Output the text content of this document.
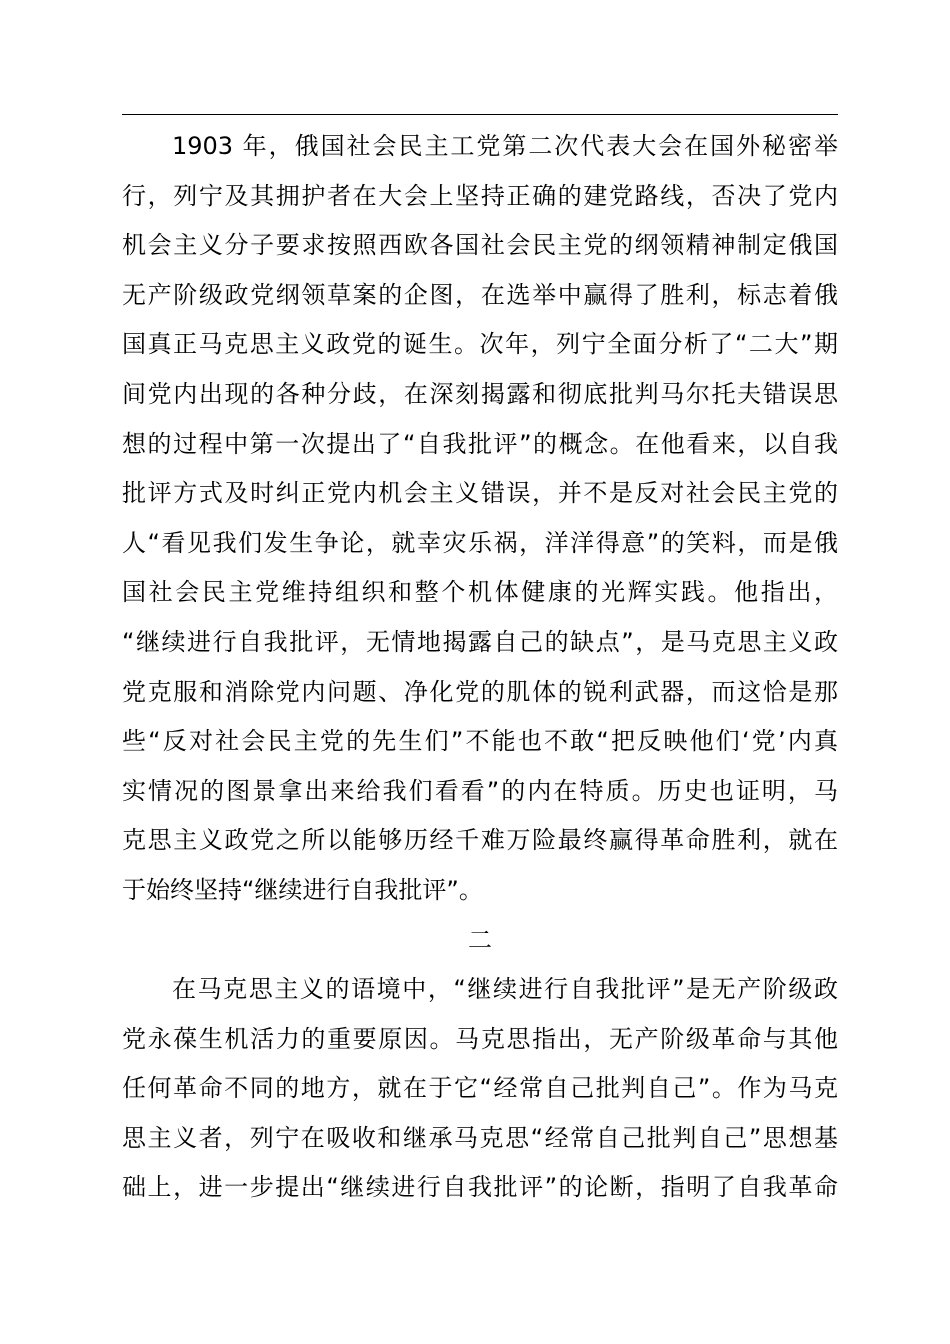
1903 年，俄国社会民主工党第二次代表大会在国外秘密举
行，列宁及其拥护者在大会上坚持正确的建党路线，否决了党内
机会主义分子要求按照西欧各国社会民主党的纲领精神制定俄国
无产阶级政党纲领草案的企图，在选举中赢得了胜利，标志着俄
国真正马克思主义政党的诞生。次年，列宁全面分析了“二大”期
间党内出现的各种分歧，在深刻揭露和彻底批判马尔托夫错误思
想的过程中第一次提出了“自我批评”的概念。在他看来，以自我
批评方式及时纠正党内机会主义错误，并不是反对社会民主党的
人“看见我们发生争论，就幸灾乐祸，洋洋得意”的笑料，而是俄
国社会民主党维持组织和整个机体健康的光辉实践。他指出，
“继续进行自我批评，无情地揭露自己的缺点”，是马克思主义政
党克服和消除党内问题、净化党的肌体的锐利武器，而这恰是那
些“反对社会民主党的先生们”不能也不敢“把反映他们‘党’内真
实情况的图景拿出来给我们看看”的内在特质。历史也证明，马
克思主义政党之所以能够历经千难万险最终赢得革命胜利，就在
于始终坚持“继续进行自我批评”。
二
在马克思主义的语境中，“继续进行自我批评”是无产阶级政
党永葆生机活力的重要原因。马克思指出，无产阶级革命与其他
任何革命不同的地方，就在于它“经常自己批判自己”。作为马克
思主义者，列宁在吸收和继承马克思“经常自己批判自己”思想基
础上，进一步提出“继续进行自我批评”的论断，指明了自我革命
